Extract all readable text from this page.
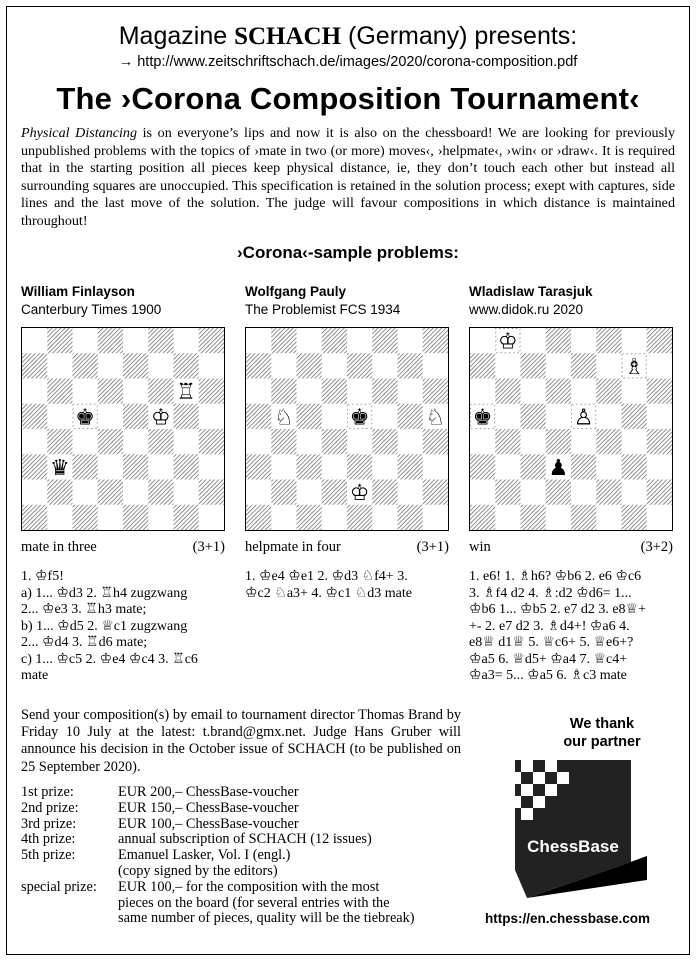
Magazine SCHACH (Germany) presents:
→ http://www.zeitschriftschach.de/images/2020/corona-composition.pdf
The ›Corona Composition Tournament‹
Physical Distancing is on everyone’s lips and now it is also on the chessboard! We are looking for previously unpublished problems with the topics of ›mate in two (or more) moves‹, ›helpmate‹, ›win‹ or ›draw‹. It is required that in the starting position all pieces keep physical distance, ie, they don’t touch each other but instead all surrounding squares are unoccupied. This specification is retained in the solution process; exept with captures, side lines and the last move of the solution. The judge will favour compositions in which distance is maintained throughout!
›Corona‹-sample problems:
William Finlayson
Canterbury Times 1900
♖
♚	♔
♛
mate in three	(3+1)
1. ♔f5!
a) 1... ♔d3 2. ♖h4 zugzwang
2... ♔e3 3. ♖h3 mate;
b) 1... ♔d5 2. ♕c1 zugzwang
2... ♔d4 3. ♖d6 mate;
c) 1... ♔c5 2. ♔e4 ♔c4 3. ♖c6
mate
Wolfgang Pauly
The Problemist FCS 1934
♘	♚	♘
♔
helpmate in four	(3+1)
1. ♔e4 ♔e1 2. ♔d3 ♘f4+ 3.
♔c2 ♘a3+ 4. ♔c1 ♘d3 mate
Wladislaw Tarasjuk
www.didok.ru 2020
♔
♗
♚	♙
♟
win	(3+2)
1. e6! 1. ♗h6? ♔b6 2. e6 ♔c6
3. ♗f4 d2 4. ♗:d2 ♔d6= 1...
♔b6 1... ♔b5 2. e7 d2 3. e8♕+
+- 2. e7 d2 3. ♗d4+! ♔a6 4.
e8♕ d1♕ 5. ♕c6+ 5. ♕e6+?
♔a5 6. ♕d5+ ♔a4 7. ♕c4+
♔a3= 5... ♔a5 6. ♗c3 mate
Send your composition(s) by email to tournament director Thomas Brand by Friday 10 July at the latest: t.brand@gmx.net. Judge Hans Gruber will announce his decision in the October issue of SCHACH (to be published on 25 September 2020).
1st prize:	EUR 200,– ChessBase-voucher
2nd prize:	EUR 150,– ChessBase-voucher
3rd prize:	EUR 100,– ChessBase-voucher
4th prize:	annual subscription of SCHACH (12 issues)
5th prize:	Emanuel Lasker, Vol. I (engl.)
(copy signed by the editors)
special prize:	EUR 100,– for the composition with the most
pieces on the board (for several entries with the
same number of pieces, quality will be the tiebreak)
We thank
our partner
ChessBase
https://en.chessbase.com
